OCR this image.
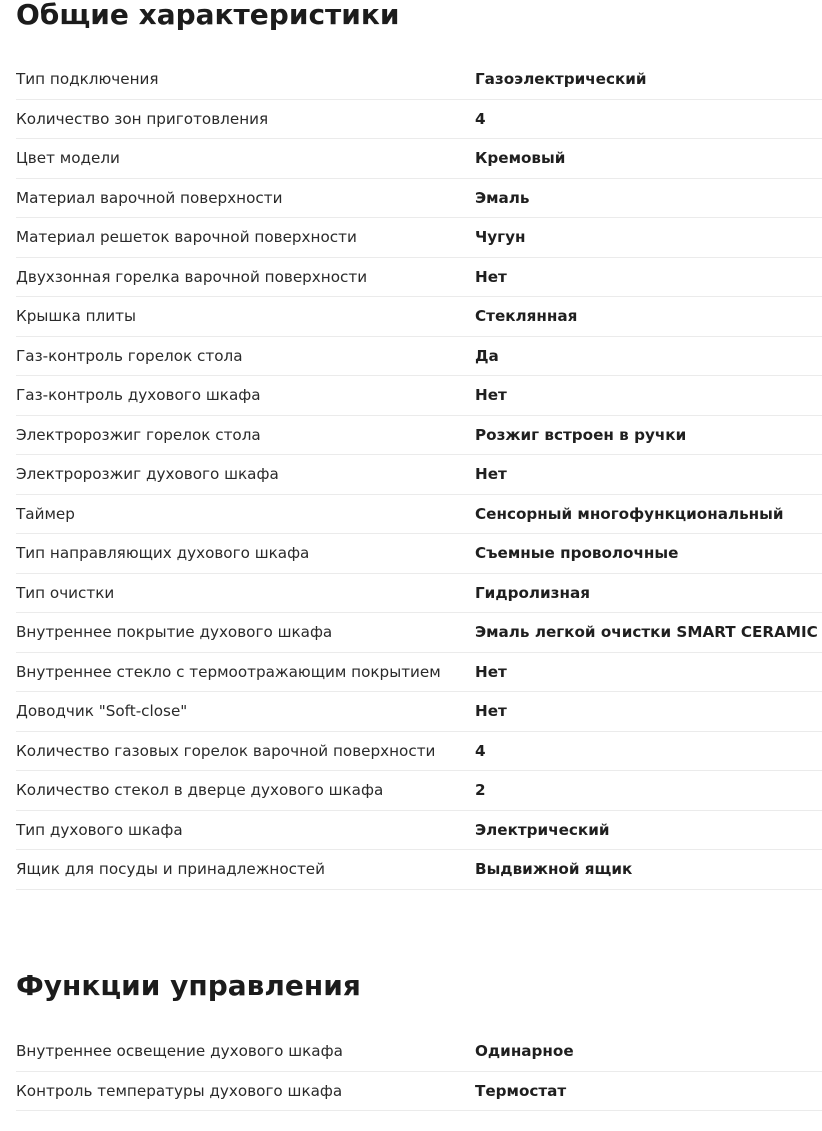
Общие характеристики
Тип подключения	Газоэлектрический
Количество зон приготовления	4
Цвет модели	Кремовый
Материал варочной поверхности	Эмаль
Материал решеток варочной поверхности	Чугун
Двухзонная горелка варочной поверхности	Нет
Крышка плиты	Стеклянная
Газ-контроль горелок стола	Да
Газ-контроль духового шкафа	Нет
Электророзжиг горелок стола	Розжиг встроен в ручки
Электророзжиг духового шкафа	Нет
Таймер	Сенсорный многофункциональный
Тип направляющих духового шкафа	Съемные проволочные
Тип очистки	Гидролизная
Внутреннее покрытие духового шкафа	Эмаль легкой очистки SMART CERAMIC
Внутреннее стекло с термоотражающим покрытием	Нет
Доводчик "Soft-close"	Нет
Количество газовых горелок варочной поверхности	4
Количество стекол в дверце духового шкафа	2
Тип духового шкафа	Электрический
Ящик для посуды и принадлежностей	Выдвижной ящик
Функции управления
Внутреннее освещение духового шкафа	Одинарное
Контроль температуры духового шкафа	Термостат
